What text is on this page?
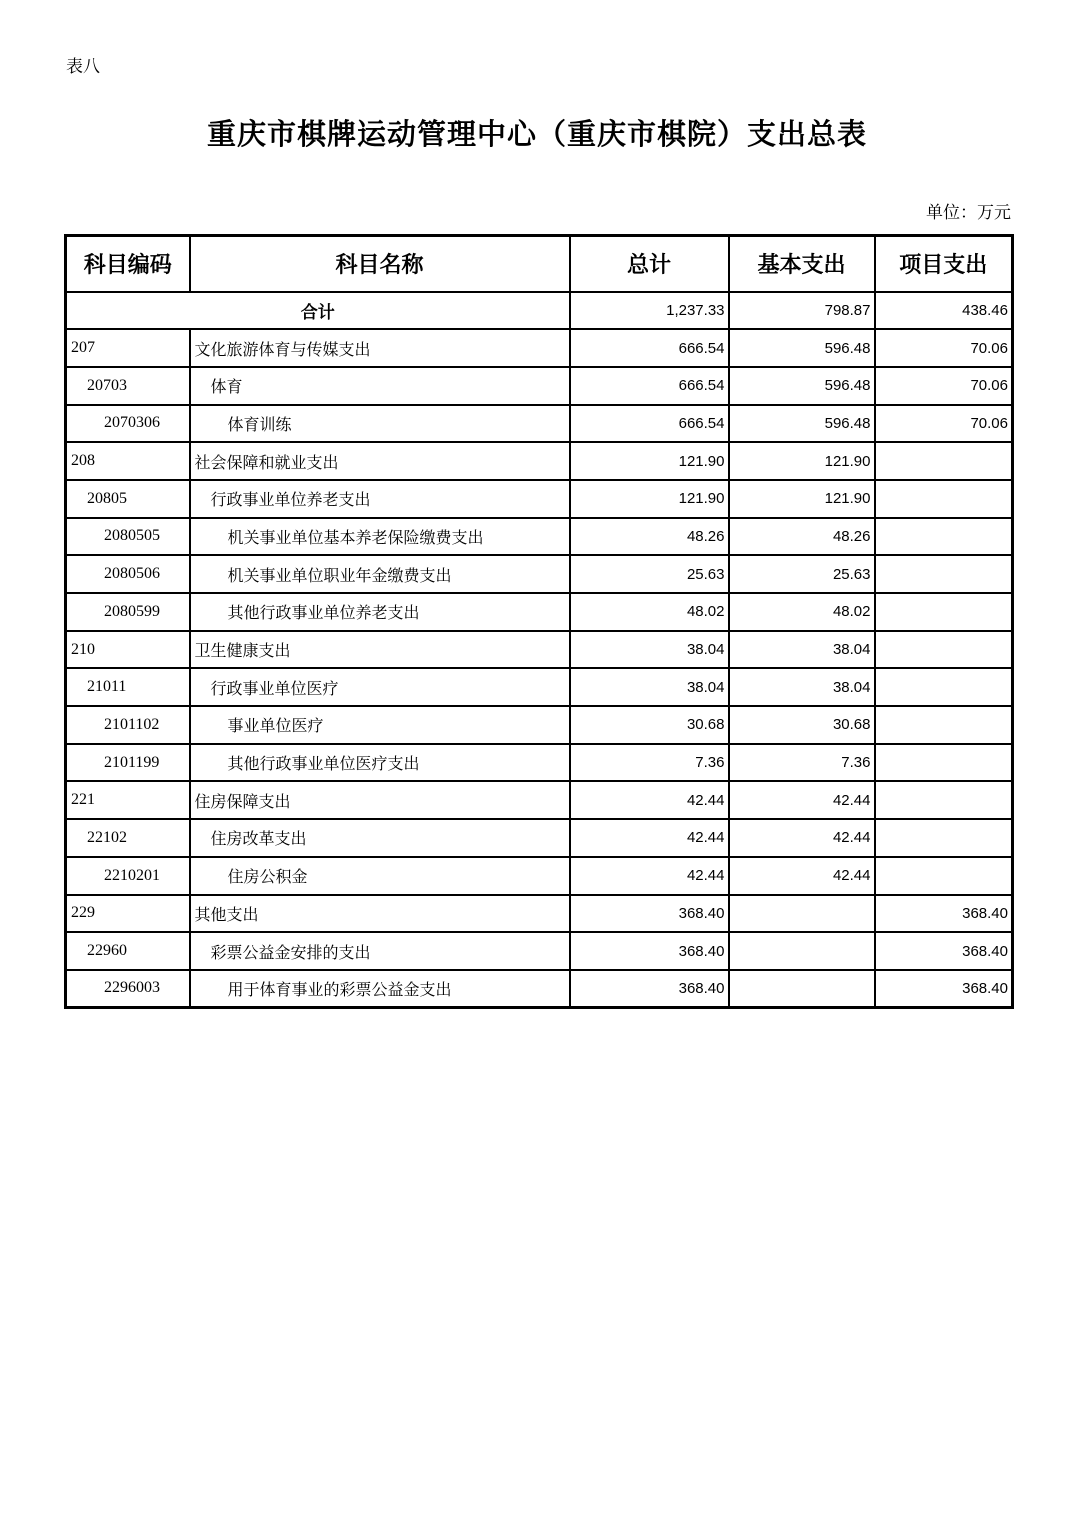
表八
重庆市棋牌运动管理中心（重庆市棋院）支出总表
单位：万元
科目编码	科目名称	总计	基本支出	项目支出
合计		1,237.33	798.87	438.46
207	文化旅游体育与传媒支出	666.54	596.48	70.06
20703	体育	666.54	596.48	70.06
2070306	体育训练	666.54	596.48	70.06
208	社会保障和就业支出	121.90	121.90	
20805	行政事业单位养老支出	121.90	121.90	
2080505	机关事业单位基本养老保险缴费支出	48.26	48.26	
2080506	机关事业单位职业年金缴费支出	25.63	25.63	
2080599	其他行政事业单位养老支出	48.02	48.02	
210	卫生健康支出	38.04	38.04	
21011	行政事业单位医疗	38.04	38.04	
2101102	事业单位医疗	30.68	30.68	
2101199	其他行政事业单位医疗支出	7.36	7.36	
221	住房保障支出	42.44	42.44	
22102	住房改革支出	42.44	42.44	
2210201	住房公积金	42.44	42.44	
229	其他支出	368.40		368.40
22960	彩票公益金安排的支出	368.40		368.40
2296003	用于体育事业的彩票公益金支出	368.40		368.40
